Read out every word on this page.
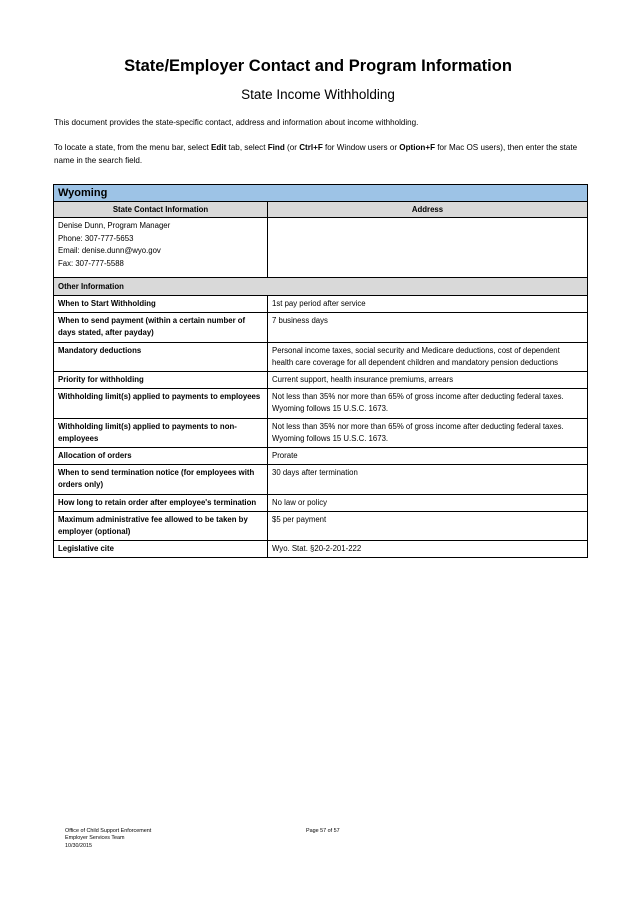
State/Employer Contact and Program Information
State Income Withholding
This document provides the state-specific contact, address and information about income withholding.
To locate a state, from the menu bar, select Edit tab, select Find (or Ctrl+F for Window users or Option+F for Mac OS users), then enter the state name in the search field.
Wyoming	
State Contact Information	Address

Denise Dunn, Program Manager
Phone: 307-777-5653
Email: denise.dunn@wyo.gov
Fax: 307-777-5588	

Other Information	
When to Start Withholding	1st pay period after service
When to send payment (within a certain number of days stated, after payday)	7 business days
Mandatory deductions	Personal income taxes, social security and Medicare deductions, cost of dependent health care coverage for all dependent children and mandatory pension deductions
Priority for withholding	Current support, health insurance premiums, arrears
Withholding limit(s) applied to payments to employees	Not less than 35% nor more than 65% of gross income after deducting federal taxes. Wyoming follows 15 U.S.C. 1673.
Withholding limit(s) applied to payments to non-employees	Not less than 35% nor more than 65% of gross income after deducting federal taxes. Wyoming follows 15 U.S.C. 1673.
Allocation of orders	Prorate
When to send termination notice (for employees with orders only)	30 days after termination
How long to retain order after employee's termination	No law or policy
Maximum administrative fee allowed to be taken by employer (optional)	$5 per payment
Legislative cite	Wyo. Stat. §20-2-201-222
Office of Child Support Enforcement
Employer Services Team
10/30/2015
Page 57 of 57
